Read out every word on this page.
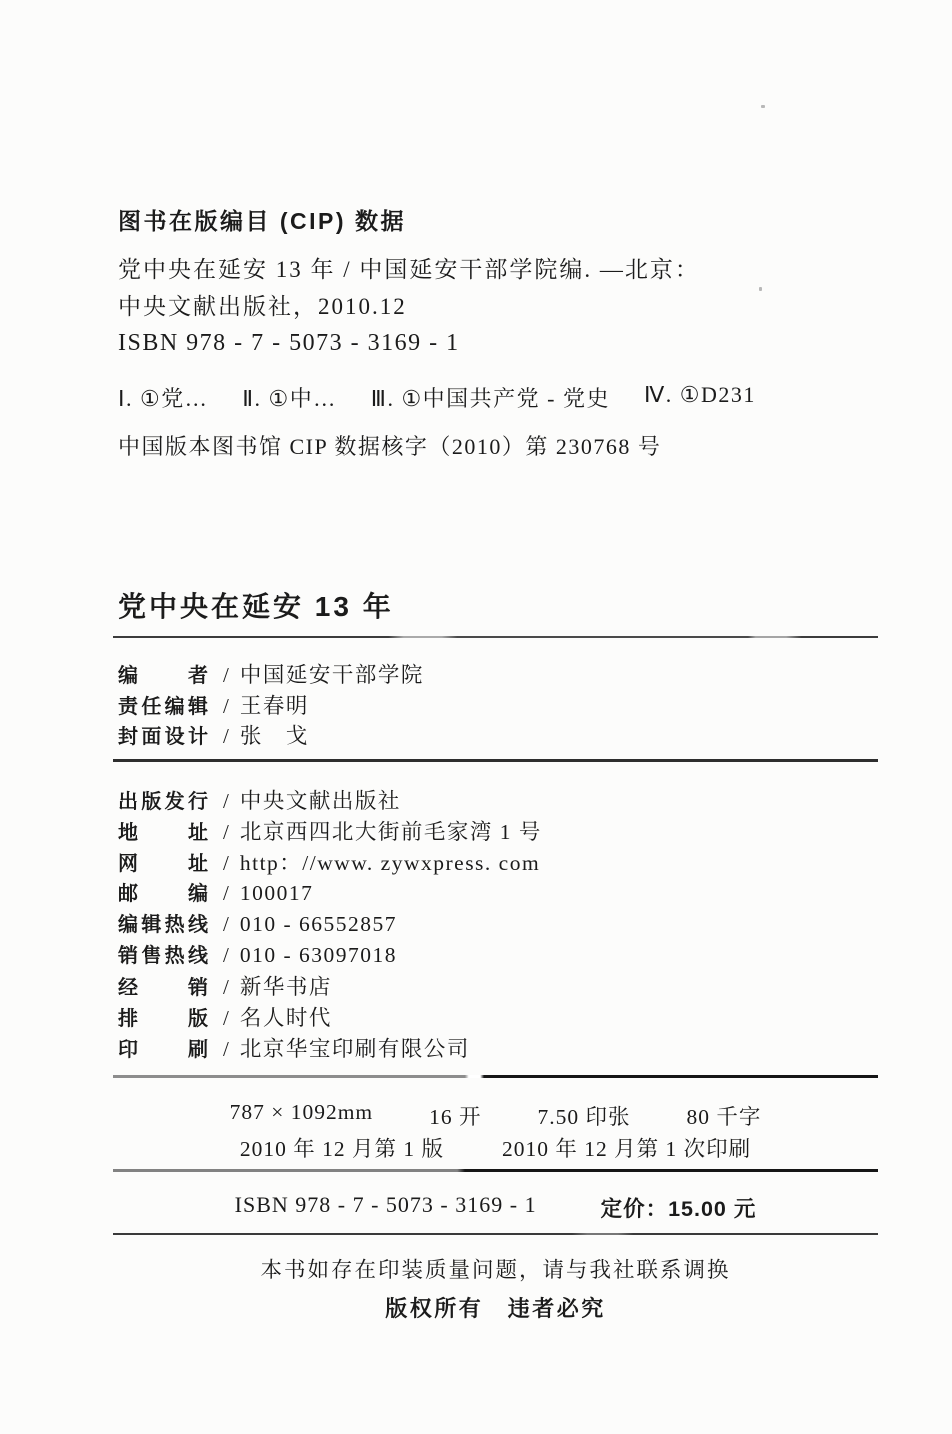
图书在版编目 (CIP) 数据
党中央在延安 13 年 / 中国延安干部学院编. —北京：
中央文献出版社，2010.12
ISBN 978 - 7 - 5073 - 3169 - 1
Ⅰ. ①党… Ⅱ. ①中… Ⅲ. ①中国共产党 - 党史 Ⅳ. ①D231
中国版本图书馆 CIP 数据核字（2010）第 230768 号
党中央在延安 13 年
编者 / 中国延安干部学院
责任编辑 / 王春明
封面设计 / 张　戈
出版发行 / 中央文献出版社
地址 / 北京西四北大街前毛家湾 1 号
网址 / http：//www. zywxpress. com
邮编 / 100017
编辑热线 / 010 - 66552857
销售热线 / 010 - 63097018
经销 / 新华书店
排版 / 名人时代
印刷 / 北京华宝印刷有限公司
787 × 1092mm	16 开	7.50 印张	80 千字
2010 年 12 月第 1 版	2010 年 12 月第 1 次印刷
ISBN 978 - 7 - 5073 - 3169 - 1	定价：15.00 元
本书如存在印装质量问题，请与我社联系调换
版权所有　违者必究
